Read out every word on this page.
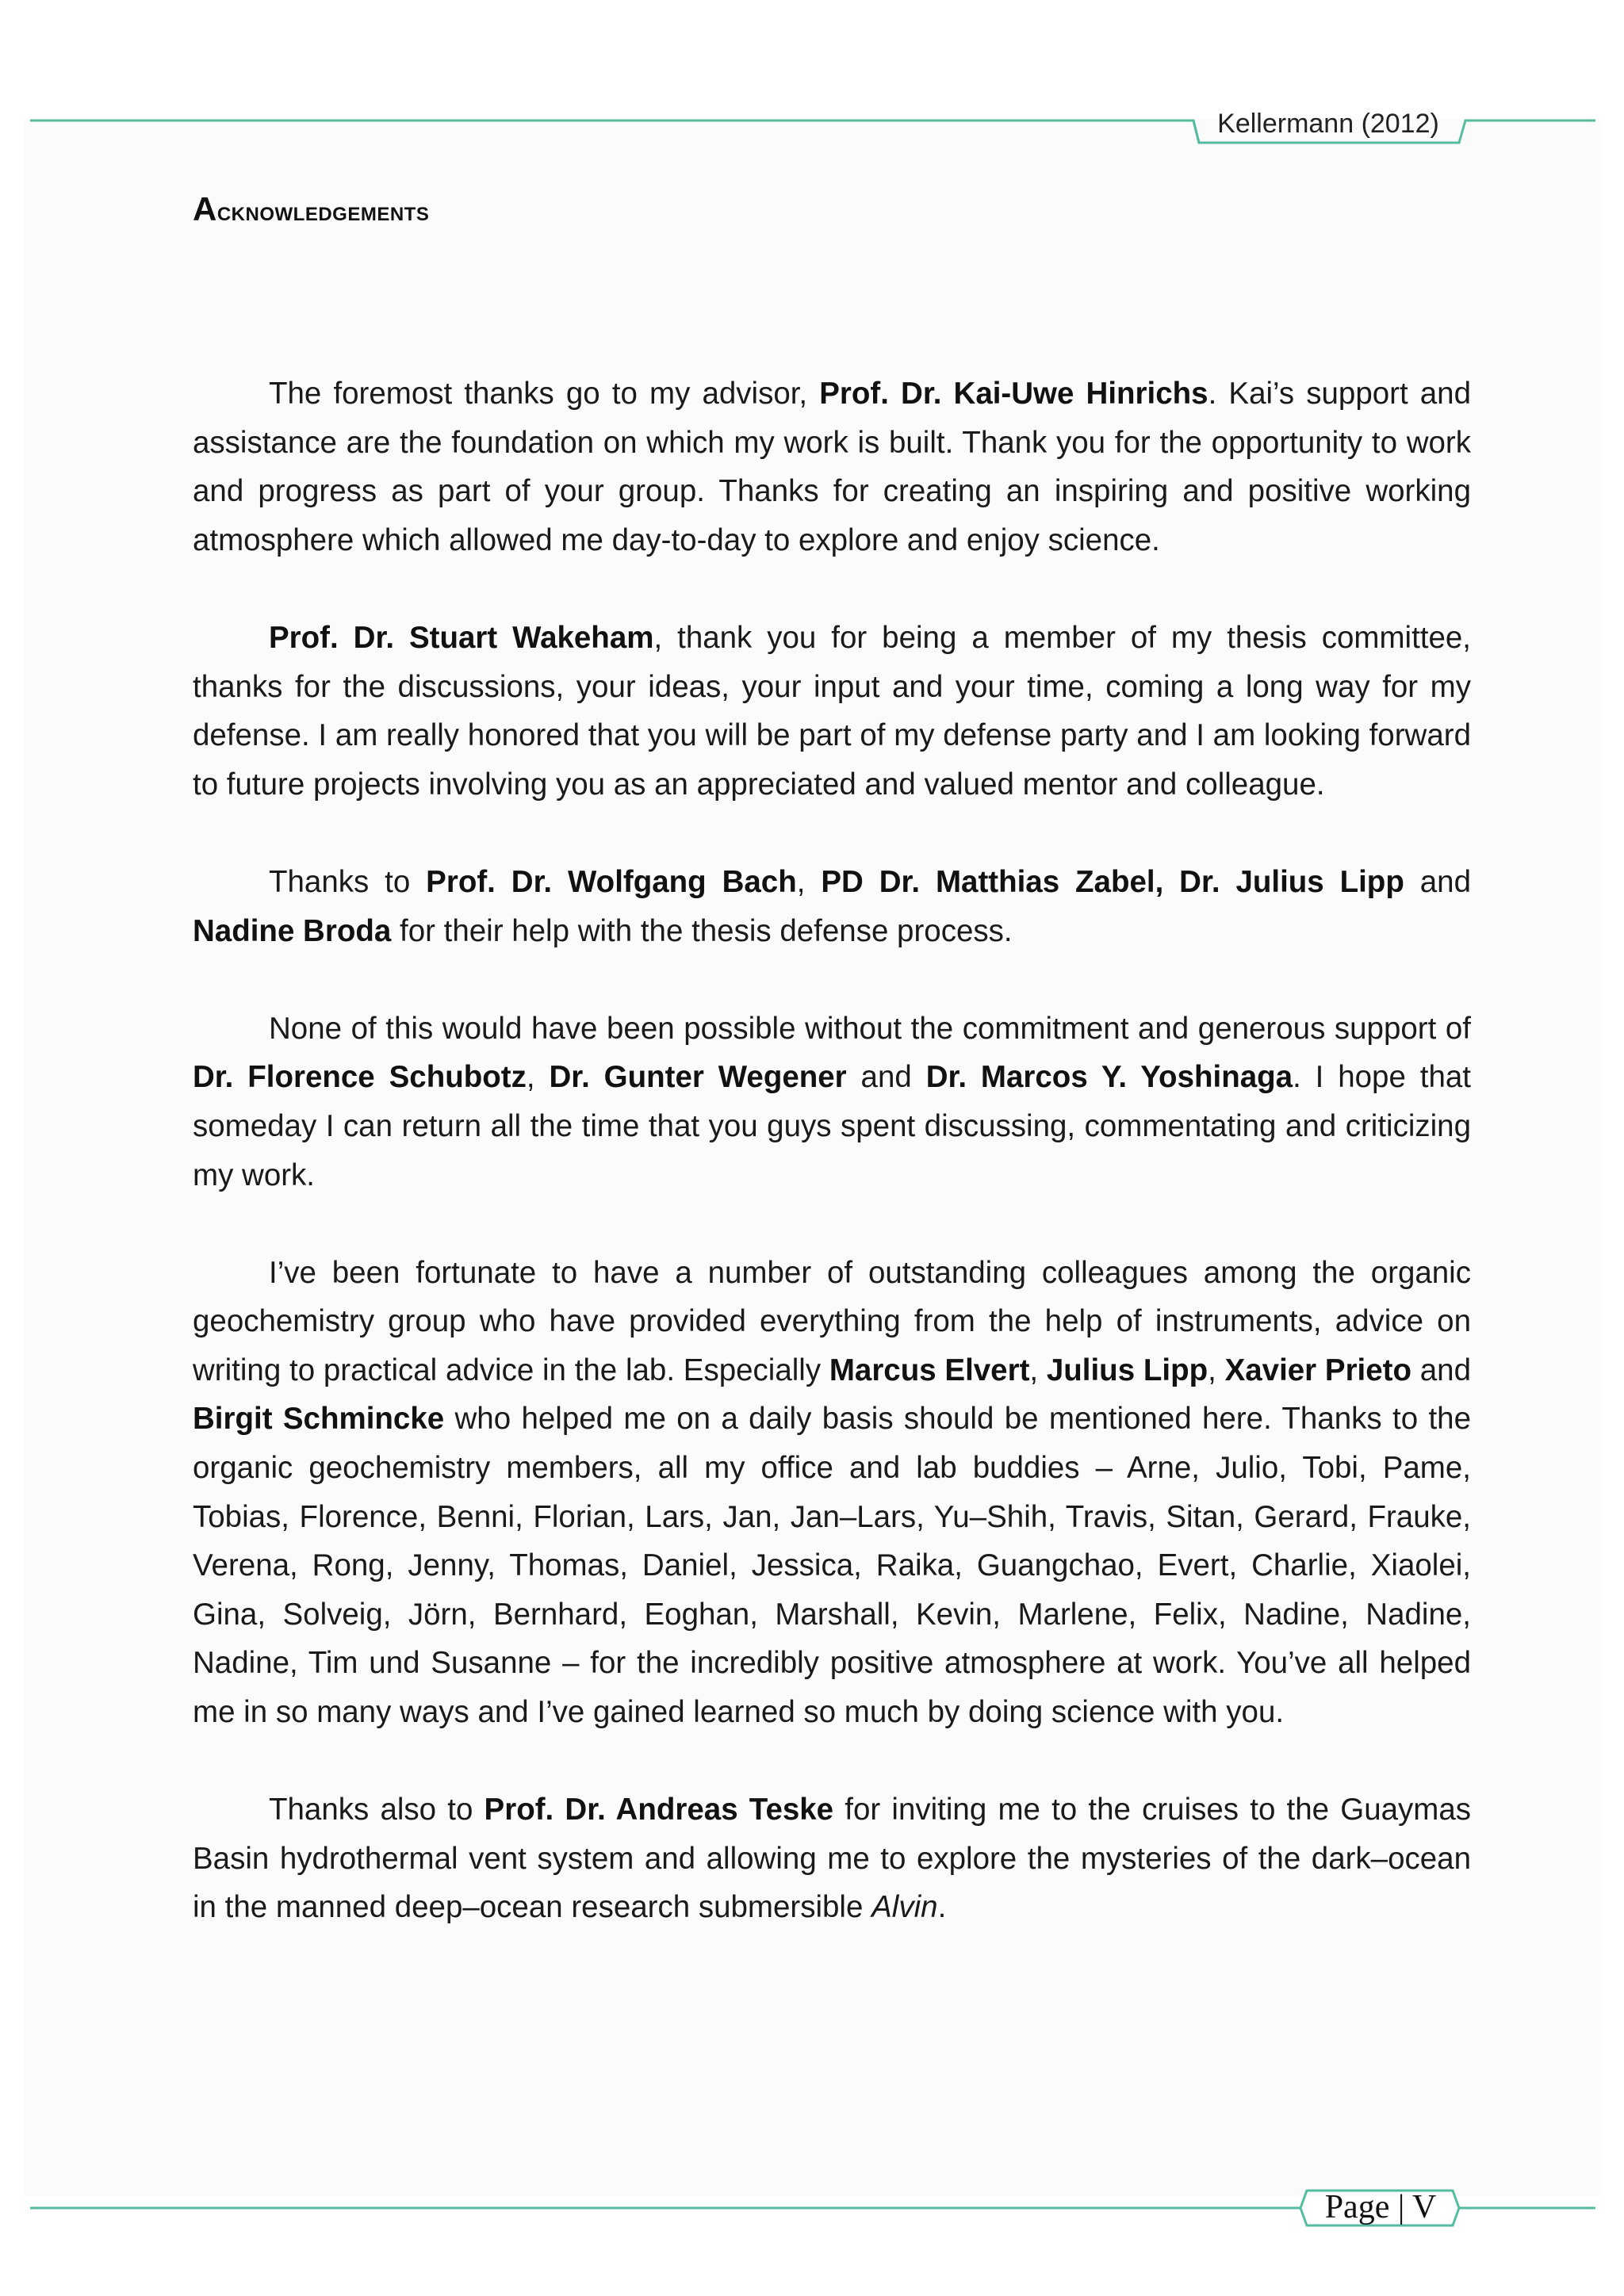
Kellermann (2012)
Acknowledgements

The foremost thanks go to my advisor, Prof. Dr. Kai-Uwe Hinrichs. Kai’s support and assistance are the foundation on which my work is built. Thank you for the opportunity to work and progress as part of your group. Thanks for creating an inspiring and positive working atmosphere which allowed me day-to-day to explore and enjoy science.

Prof. Dr. Stuart Wakeham, thank you for being a member of my thesis committee, thanks for the discussions, your ideas, your input and your time, coming a long way for my defense. I am really honored that you will be part of my defense party and I am looking forward to future projects involving you as an appreciated and valued mentor and colleague.

Thanks to Prof. Dr. Wolfgang Bach, PD Dr. Matthias Zabel, Dr. Julius Lipp and Nadine Broda for their help with the thesis defense process.

None of this would have been possible without the commitment and generous support of Dr. Florence Schubotz, Dr. Gunter Wegener and Dr. Marcos Y. Yoshinaga. I hope that someday I can return all the time that you guys spent discussing, commentating and criticizing my work.

I’ve been fortunate to have a number of outstanding colleagues among the organic geochemistry group who have provided everything from the help of instruments, advice on writing to practical advice in the lab. Especially Marcus Elvert, Julius Lipp, Xavier Prieto and Birgit Schmincke who helped me on a daily basis should be mentioned here. Thanks to the organic geochemistry members, all my office and lab buddies – Arne, Julio, Tobi, Pame, Tobias, Florence, Benni, Florian, Lars, Jan, Jan–Lars, Yu–Shih, Travis, Sitan, Gerard, Frauke, Verena, Rong, Jenny, Thomas, Daniel, Jessica, Raika, Guangchao, Evert, Charlie, Xiaolei, Gina, Solveig, Jörn, Bernhard, Eoghan, Marshall, Kevin, Marlene, Felix, Nadine, Nadine, Nadine, Tim und Susanne – for the incredibly positive atmosphere at work. You’ve all helped me in so many ways and I’ve gained learned so much by doing science with you.

Thanks also to Prof. Dr. Andreas Teske for inviting me to the cruises to the Guaymas Basin hydrothermal vent system and allowing me to explore the mysteries of the dark–ocean in the manned deep–ocean research submersible Alvin.

Page | V
